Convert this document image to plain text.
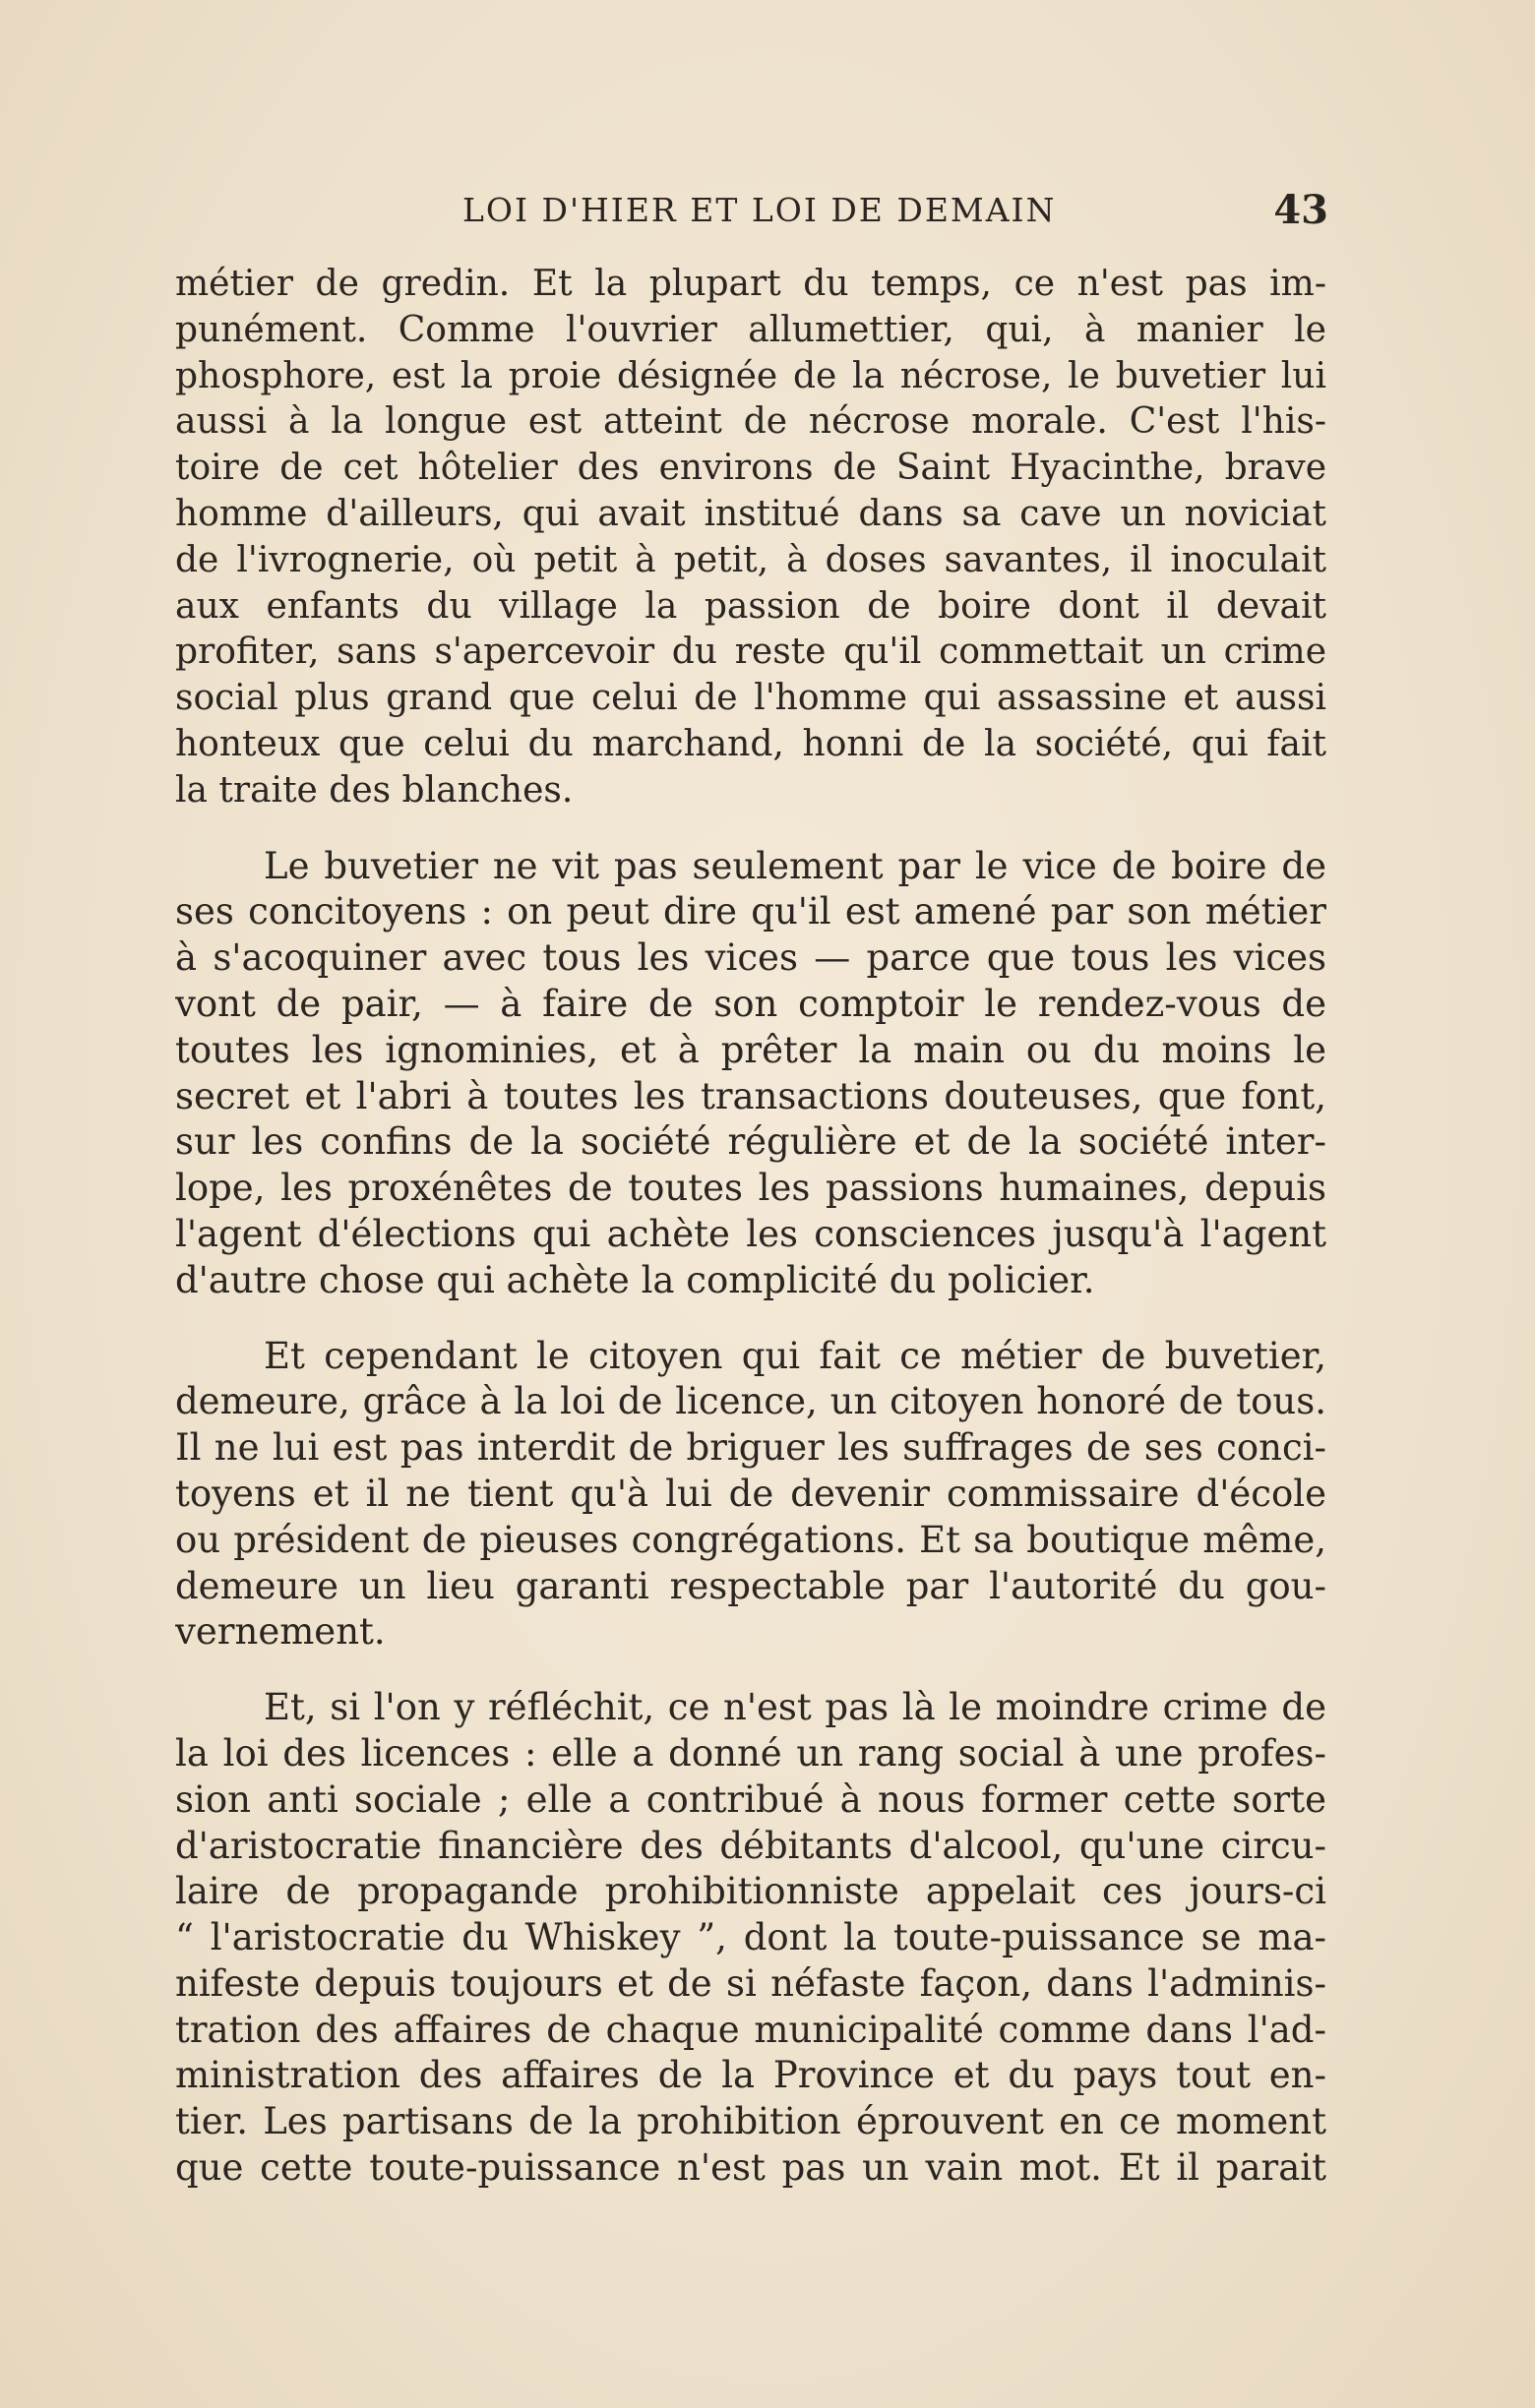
LOI D'HIER ET LOI DE DEMAIN	43
métier de gredin. Et la plupart du temps, ce n'est pas im-
punément. Comme l'ouvrier allumettier, qui, à manier le
phosphore, est la proie désignée de la nécrose, le buvetier lui
aussi à la longue est atteint de nécrose morale. C'est l'his-
toire de cet hôtelier des environs de Saint Hyacinthe, brave
homme d'ailleurs, qui avait institué dans sa cave un noviciat
de l'ivrognerie, où petit à petit, à doses savantes, il inoculait
aux enfants du village la passion de boire dont il devait
profiter, sans s'apercevoir du reste qu'il commettait un crime
social plus grand que celui de l'homme qui assassine et aussi
honteux que celui du marchand, honni de la société, qui fait
la traite des blanches.
Le buvetier ne vit pas seulement par le vice de boire de
ses concitoyens : on peut dire qu'il est amené par son métier
à s'acoquiner avec tous les vices — parce que tous les vices
vont de pair, — à faire de son comptoir le rendez-vous de
toutes les ignominies, et à prêter la main ou du moins le
secret et l'abri à toutes les transactions douteuses, que font,
sur les confins de la société régulière et de la société inter-
lope, les proxénêtes de toutes les passions humaines, depuis
l'agent d'élections qui achète les consciences jusqu'à l'agent
d'autre chose qui achète la complicité du policier.
Et cependant le citoyen qui fait ce métier de buvetier,
demeure, grâce à la loi de licence, un citoyen honoré de tous.
Il ne lui est pas interdit de briguer les suffrages de ses conci-
toyens et il ne tient qu'à lui de devenir commissaire d'école
ou président de pieuses congrégations. Et sa boutique même,
demeure un lieu garanti respectable par l'autorité du gou-
vernement.
Et, si l'on y réfléchit, ce n'est pas là le moindre crime de
la loi des licences : elle a donné un rang social à une profes-
sion anti sociale ; elle a contribué à nous former cette sorte
d'aristocratie financière des débitants d'alcool, qu'une circu-
laire de propagande prohibitionniste appelait ces jours-ci
“ l'aristocratie du Whiskey ”, dont la toute-puissance se ma-
nifeste depuis toujours et de si néfaste façon, dans l'adminis-
tration des affaires de chaque municipalité comme dans l'ad-
ministration des affaires de la Province et du pays tout en-
tier. Les partisans de la prohibition éprouvent en ce moment
que cette toute-puissance n'est pas un vain mot. Et il parait
